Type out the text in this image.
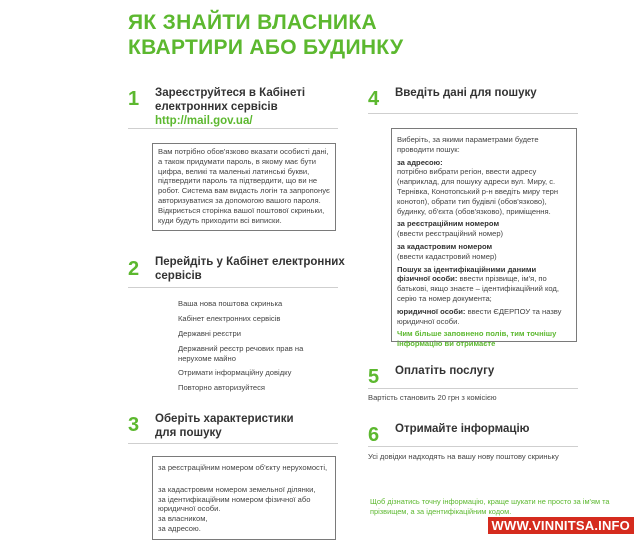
ЯК ЗНАЙТИ ВЛАСНИКА
КВАРТИРИ АБО БУДИНКУ
1 Зареєструйтеся в Кабінеті
електронних сервісів
http://mail.gov.ua/

Вам потрібно обов'язково вказати особисті дані, а також придумати пароль, в якому має бути цифра, великі та маленькі латинські букви, підтвердити пароль та підтвердити, що ви не робот. Система вам видасть логін та запропонує авторизуватися за допомогою вашого пароля. Відкриється сторінка вашої поштової скриньки, куди будуть приходити всі виписки.

2 Перейдіть у Кабінет електронних
сервісів
Ваша нова поштова скринька
Кабінет електронних сервісів
Державні реєстри
Державний реєстр речових прав на
нерухоме майно
Отримати інформаційну довідку
Повторно авторизуйтеся
3 Оберіть характеристики
для пошуку

за реєстраційним номером об'єкту нерухомості,

за кадастровим номером земельної ділянки,

за ідентифікаційним номером фізичної або

юридичної особи.

за власником,

за адресою.

4 Введіть дані для пошуку

Виберіть, за якими параметрами будете проводити пошук:

за адресою:

потрібно вибрати регіон, ввести адресу (наприклад, для пошуку адреси вул. Миру, с. Тернівка, Конотопський р-н введіть миру терн конотоп), обрати тип будівлі (обов'язково), будинку, об'єкта (обов'язково), приміщення.

за реєстраційним номером

(ввести реєстраційний номер)

за кадастровим номером

(ввести кадастровий номер)

Пошук за ідентифікаційними даними фізичної особи: ввести прізвище, ім'я, по батькові, якщо знаєте – ідентифікаційний код, серію та номер документа;

юридичної особи: ввести ЄДЕРПОУ та назву юридичної особи.

Чим більше заповнено полів, тим точнішу інформацію ви отримаєте

5 Оплатіть послугу
Вартість становить 20 грн з комісією
6 Отримайте інформацію
Усі довідки надходять на вашу нову поштову скриньку
Щоб дізнатись точну інформацію, краще шукати не просто за ім'ям та прізвищем, а за ідентифікаційним кодом.
WWW.VINNITSA.INFO
